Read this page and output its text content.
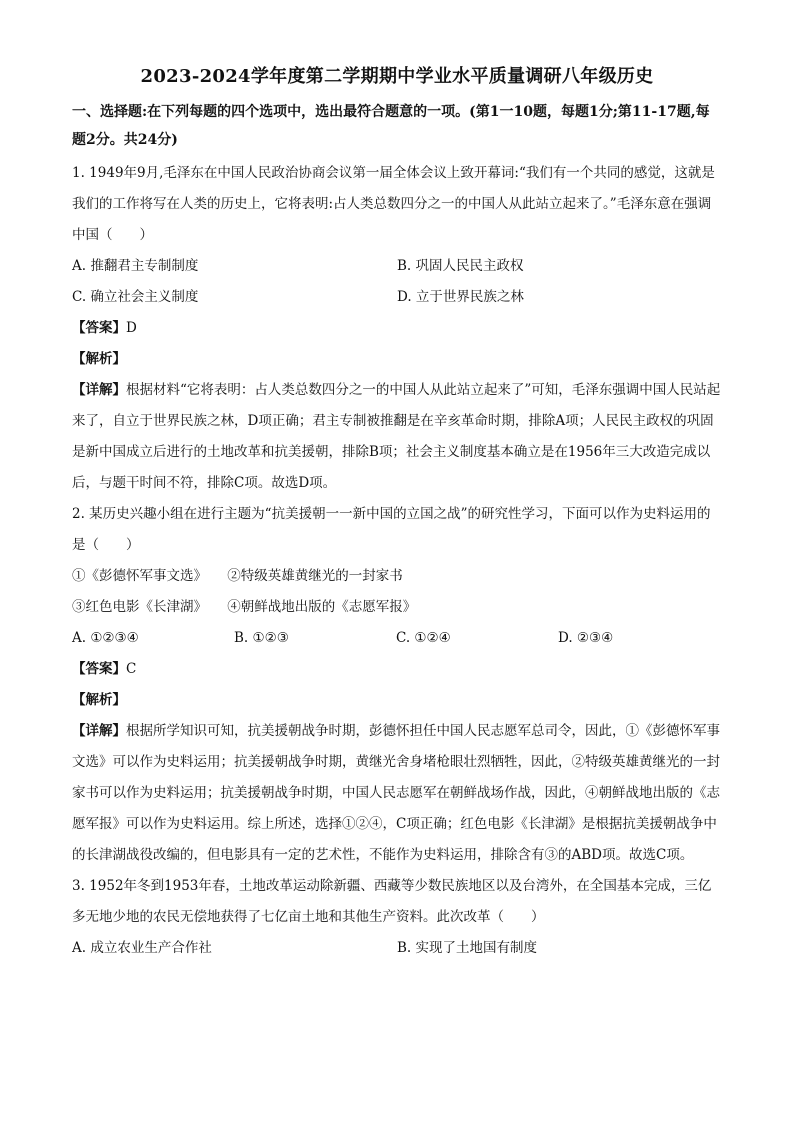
2023-2024学年度第二学期期中学业水平质量调研八年级历史
一、选择题:在下列每题的四个选项中，选出最符合题意的一项。(第1一10题，每题1分;第11-17题,每题2分。共24分)

1. 1949年9月,毛泽东在中国人民政治协商会议第一届全体会议上致开幕词:“我们有一个共同的感觉，这就是我们的工作将写在人类的历史上，它将表明:占人类总数四分之一的中国人从此站立起来了。”毛泽东意在强调中国（　　）

A. 推翻君主专制制度	B. 巩固人民民主政权
C. 确立社会主义制度	D. 立于世界民族之林
【答案】D
【解析】

【详解】根据材料“它将表明：占人类总数四分之一的中国人从此站立起来了”可知，毛泽东强调中国人民站起来了，自立于世界民族之林，D项正确；君主专制被推翻是在辛亥革命时期，排除A项；人民民主政权的巩固是新中国成立后进行的土地改革和抗美援朝，排除B项；社会主义制度基本确立是在1956年三大改造完成以后，与题干时间不符，排除C项。故选D项。

2. 某历史兴趣小组在进行主题为“抗美援朝一一新中国的立国之战”的研究性学习，下面可以作为史料运用的是（　　）

①《彭德怀军事文选》　　②特级英雄黄继光的一封家书
③红色电影《长津湖》　　④朝鲜战地出版的《志愿军报》
A. ①②③④	B. ①②③	C. ①②④	D. ②③④
【答案】C
【解析】

【详解】根据所学知识可知，抗美援朝战争时期，彭德怀担任中国人民志愿军总司令，因此，①《彭德怀军事文选》可以作为史料运用；抗美援朝战争时期，黄继光舍身堵枪眼壮烈牺牲，因此，②特级英雄黄继光的一封家书可以作为史料运用；抗美援朝战争时期，中国人民志愿军在朝鲜战场作战，因此，④朝鲜战地出版的《志愿军报》可以作为史料运用。综上所述，选择①②④，C项正确；红色电影《长津湖》是根据抗美援朝战争中的长津湖战役改编的，但电影具有一定的艺术性，不能作为史料运用，排除含有③的ABD项。故选C项。

3. 1952年冬到1953年春，土地改革运动除新疆、西藏等少数民族地区以及台湾外，在全国基本完成，三亿多无地少地的农民无偿地获得了七亿亩土地和其他生产资料。此次改革（　　）

A. 成立农业生产合作社	B. 实现了土地国有制度
